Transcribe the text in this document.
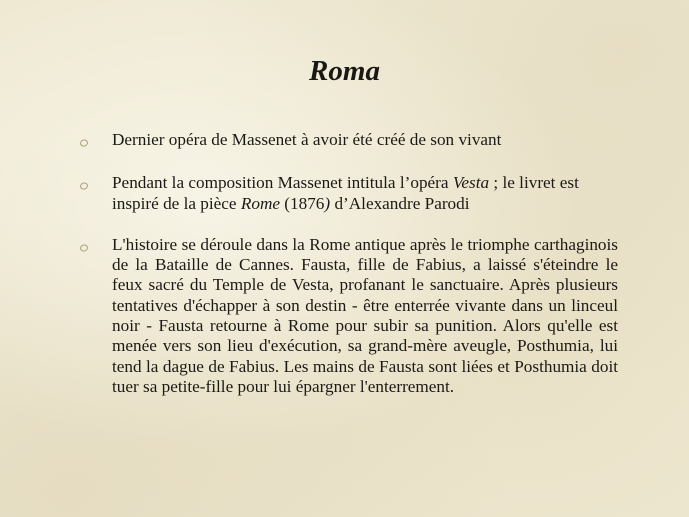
Roma
Dernier opéra de Massenet à avoir été créé de son vivant
Pendant la composition Massenet intitula l’opéra Vesta ; le livret est inspiré de la pièce Rome (1876) d’Alexandre Parodi
L'histoire se déroule dans la Rome antique après le triomphe carthaginois de la Bataille de Cannes. Fausta, fille de Fabius, a laissé s'éteindre le feux sacré du Temple de Vesta, profanant le sanctuaire. Après plusieurs tentatives d'échapper à son destin - être enterrée vivante dans un linceul noir - Fausta retourne à Rome pour subir sa punition. Alors qu'elle est menée vers son lieu d'exécution, sa grand-mère aveugle, Posthumia, lui tend la dague de Fabius. Les mains de Fausta sont liées et Posthumia doit tuer sa petite-fille pour lui épargner l'enterrement.
